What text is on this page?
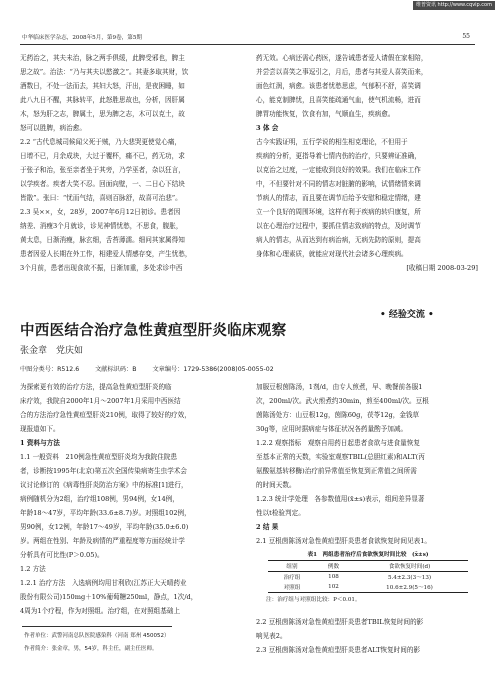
维普资讯 http://www.cqvip.com
中华临床医学杂志，2008年5月，第9卷，第5期	55

无药治之，其夫未治，脉之两手俱缓，此脾受邪也，脾主

思之故”。治法：“乃与其夫以慾激之”。其妻多取其财，饮

酒数日，不处一法而去，其妇大怒，汗出，是夜困睡，如

此八九日不醒，其脉转平，此怒胜思故也，分析，因肝属

木，怒为肝之志，脾属土，思为脾之志，木可以克土，故

怒可以胜脾，病治愈。

2.2 “古代息城司候闻父死于贼，乃大悲哭更使觉心痛，

日增不已，月余成块，大过于覆杯，痛不已，药无功，求

于张子和治，张至亲者坐于其旁，乃学巫者，杂以狂言，

以学疾者。疾者大笑不忍。回面向壁，一、二日心下结块

皆散”。张曰：“忧而气结，喜则百脉舒，故喜可治悲”。

2.3 吴××，女，28岁，2007年6月12日初诊。患者因

纳差、消瘦3个月就诊，诊见神情忧愁，不思食，腹胀，

黄太息，日渐消瘦，脉玄细，舌苔薄濡。细问其家属得知

患者因爱人长期在外工作，相建爱人情感存变，产生忧愁，

3个月前，患者出现食欲不振，日渐加重，多处求诊中西

药无效。心病还需心药医，遂告诫患者爱人请假在家相陪，

并尝尝以喜笑之事逗引之，月后，患者与其爱人喜笑而来，

面色红润，病愈。该患者忧愁思虑，气郁积不舒，喜笑调

心，能克制脾忧，且喜笑能疏通气血，使气机流畅，进而

脾胃功能恢复，饮食有加，气顺血生，疾病愈。

3 体 会

古今实践证明，五行学说的相生相克理论，不但用于

疾病的分析，更指导着七情内伤的治疗，只要辨证准确，

以克治之过度，一定能收到良好的效果。我们在临床工作

中，不但要针对不同的情志对脏腑的影响，试情绪情来调

节病人的情志，而且要在调节后给予安慰和稳定情绪，建

立一个良好的周围环境，这样有利于疾病的转归康复，所

以在心理治疗过程中，要抓住情志致病的特点，及时调节

病人的情志，从而达到有病治病，无病先防的原则，提高

身体和心理素质，就能应对现代社会诸多心理疾病。

[收稿日期 2008-03-29]

• 经验交流 •
中西医结合治疗急性黄疸型肝炎临床观察
张金章　党庆如
中图分类号：R512.6	文献标识码：B	文章编号：1729-5386(2008)05-0055-02

为探索更有效的治疗方法，提高急性黄疸型肝炎的临

床疗效，我院自2000年1月～2007年1月采用中西医结

合的方法治疗急性黄疸型肝炎210例，取得了较好的疗效，

现报道如下。

1 资料与方法

1.1 一般资料　210例急性黄疸型肝炎均为我院住院患

者，诊断按1995年(北京)第五次全国传染病寄生虫学术会

议讨论修订的《病毒性肝炎防治方案》中的标准[1]进行，

病例随机分为2组，治疗组108例，男94例，女14例，

年龄18～47岁，平均年龄(33.6±8.7)岁。对照组102例，

男90例，女12例，年龄17～49岁，平均年龄(35.0±6.0)

岁。两组在性别、年龄及病情的严重程度等方面经统计学

分析具有可比性(P＞0.05)。

1.2 方法

1.2.1 治疗方法　入选病例均用甘利欣(江苏正大天晴药业

股份有限公司)150mg＋10%葡萄糖250ml，静点，1次/d，

4周为1个疗程，作为对照组。治疗组，在对照组基础上

加服豆根茵陈汤，1剂/d，由专人煎煮，早、晚餐前各服1

次，200ml/次。武火煎煮约30min，煎至400ml/次。豆根

茵陈汤处方：山豆根12g，茵陈60g，茯苓12g，金钱草

30g等，应用时据病症与体征状况各药量酌予加减。

1.2.2 观察指标　观察自用药日起患者食欲与进食量恢复

至基本正常的天数，实验室观察TBIL(总胆红素)和ALT(丙

氨酸氨基转移酶)治疗前异常值至恢复到正常值之间所需

的时间天数。

1.2.3 统计学处理　各参数值用(x̄±s)表示，组间差异显著

性以t检验判定。

2 结 果

2.1 豆根茵陈汤对急性黄疸型肝炎患者食欲恢复时间见表1。

表1　两组患者治疗后食欲恢复时间比较　(x̄±s)
组别	例数	食欲恢复时间(d)
治疗组	108	5.4±2.3(3～13)
对照组	102	10.6±2.9(5～16)
注：治疗组与对照组比较：P＜0.01。

2.2 豆根茵陈汤对急性黄疸型肝炎患者TBIL恢复时间的影

响见表2。

2.3 豆根茵陈汤对急性黄疸型肝炎患者ALT恢复时间的影

作者单位：武警河南总队医院感染科（河南 郑州 450052）
作者简介：张金章，男，54岁，科主任，副主任医师。
